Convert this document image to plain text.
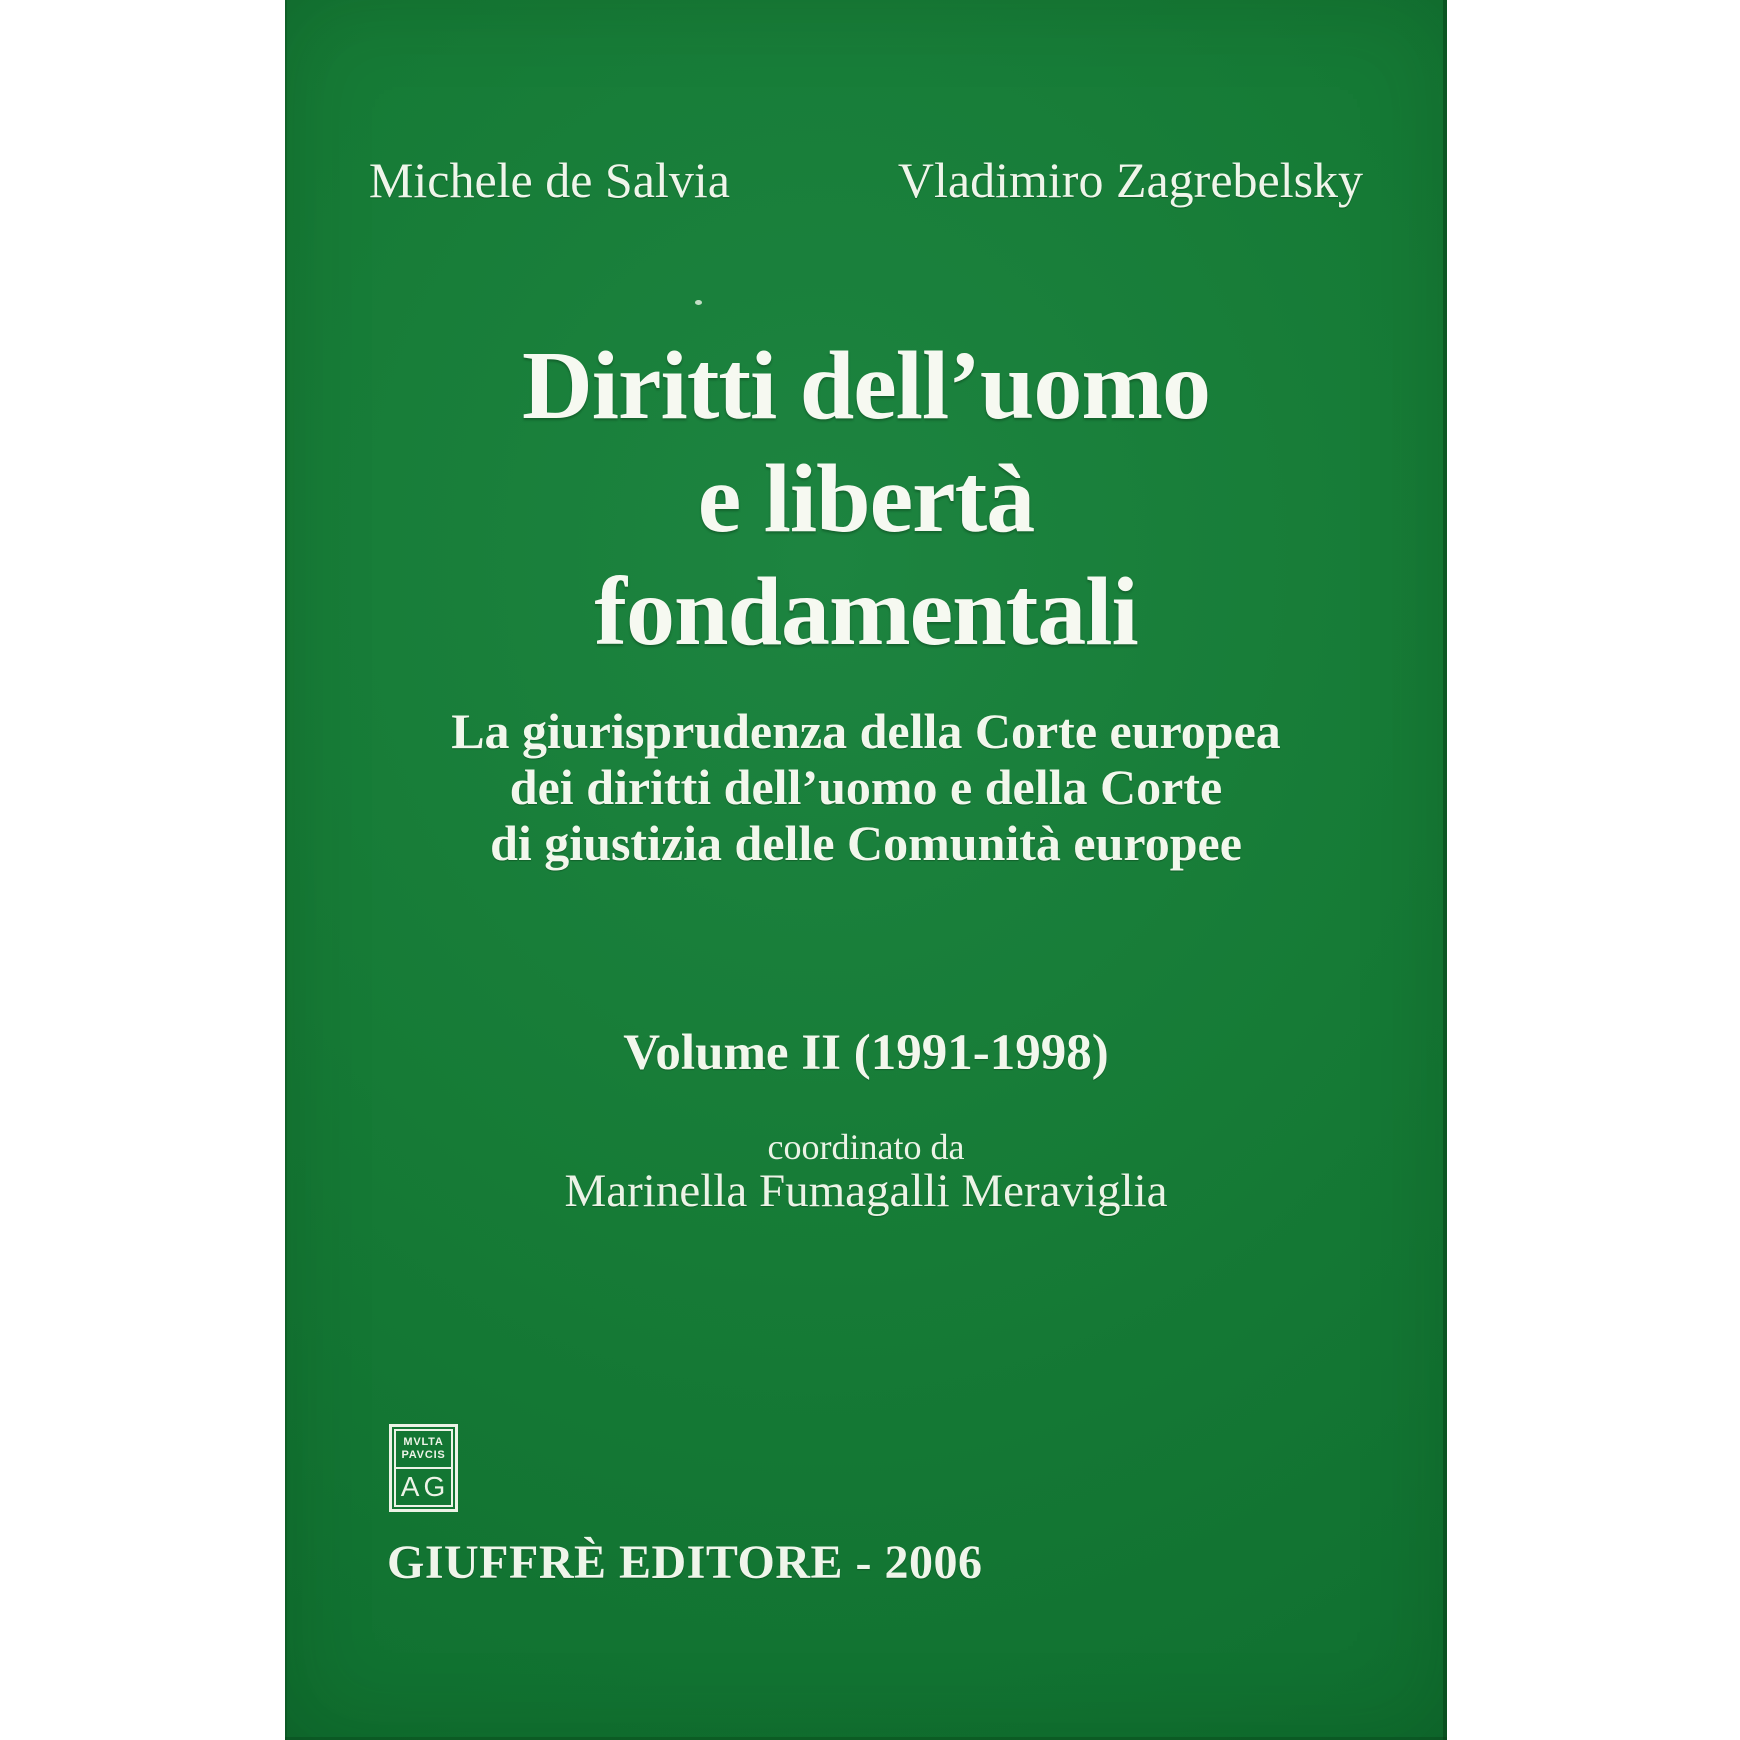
Michele de Salvia	Vladimiro Zagrebelsky
Diritti dell’uomo
e libertà
fondamentali
La giurisprudenza della Corte europea
dei diritti dell’uomo e della Corte
di giustizia delle Comunità europee
Volume II (1991-1998)
coordinato da
Marinella Fumagalli Meraviglia
MVLTA
PAVCIS
AG
GIUFFRÈ EDITORE - 2006
